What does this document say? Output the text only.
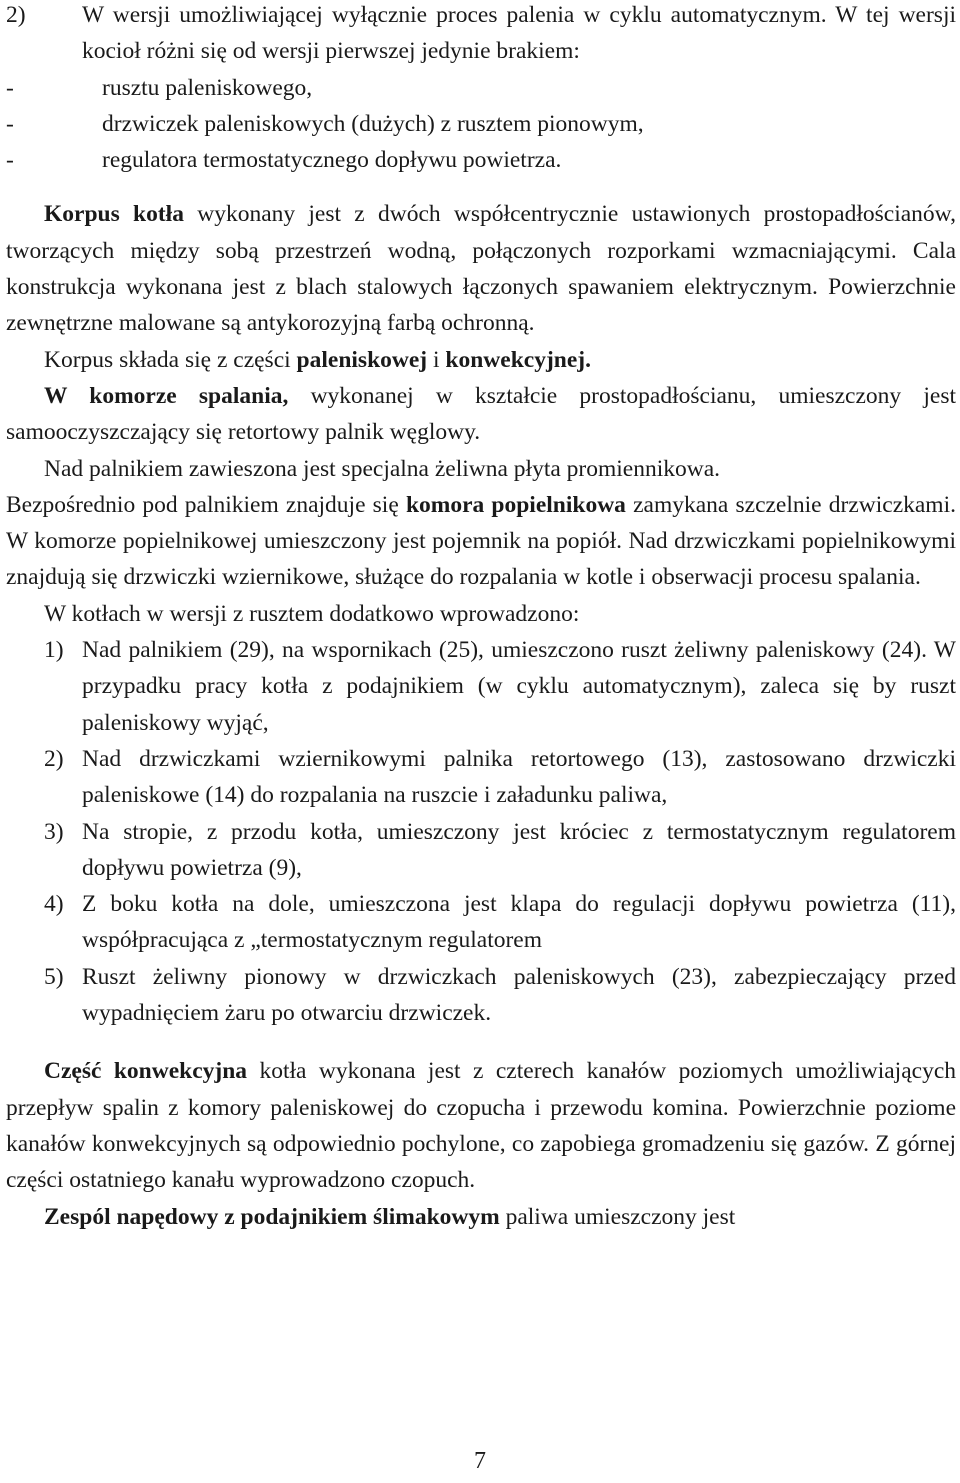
2)	W wersji umożliwiającej wyłącznie proces palenia w cyklu automatycznym. W tej wersji kocioł różni się od wersji pierwszej jedynie brakiem:
-	rusztu paleniskowego,
-	drzwiczek paleniskowych (dużych) z rusztem pionowym,
-	regulatora termostatycznego dopływu powietrza.

Korpus kotła wykonany jest z dwóch współcentrycznie ustawionych prostopadłościanów, tworzących między sobą przestrzeń wodną, połączonych rozporkami wzmacniającymi. Cala konstrukcja wykonana jest z blach stalowych łączonych spawaniem elektrycznym. Powierzchnie zewnętrzne malowane są antykorozyjną farbą ochronną.

Korpus składa się z części paleniskowej i konwekcyjnej.

W komorze spalania, wykonanej w kształcie prostopadłościanu, umieszczony jest samooczyszczający się retortowy palnik węglowy.

Nad palnikiem zawieszona jest specjalna żeliwna płyta promiennikowa.

Bezpośrednio pod palnikiem znajduje się komora popielnikowa zamykana szczelnie drzwiczkami. W komorze popielnikowej umieszczony jest pojemnik na popiół. Nad drzwiczkami popielnikowymi znajdują się drzwiczki wziernikowe, służące do rozpalania w kotle i obserwacji procesu spalania.

W kotłach w wersji z rusztem dodatkowo wprowadzono:

1) Nad palnikiem (29), na wspornikach (25), umieszczono ruszt żeliwny paleniskowy (24). W przypadku pracy kotła z podajnikiem (w cyklu automatycznym), zaleca się by ruszt paleniskowy wyjąć,
2) Nad drzwiczkami wziernikowymi palnika retortowego (13), zastosowano drzwiczki paleniskowe (14) do rozpalania na ruszcie i załadunku paliwa,
3) Na stropie, z przodu kotła, umieszczony jest króciec z termostatycznym regulatorem dopływu powietrza (9),
4) Z boku kotła na dole, umieszczona jest klapa do regulacji dopływu powietrza (11), współpracująca z „termostatycznym regulatorem
5) Ruszt żeliwny pionowy w drzwiczkach paleniskowych (23), zabezpieczający przed wypadnięciem żaru po otwarciu drzwiczek.

Część konwekcyjna kotła wykonana jest z czterech kanałów poziomych umożliwiających przepływ spalin z komory paleniskowej do czopucha i przewodu komina. Powierzchnie poziome kanałów konwekcyjnych są odpowiednio pochylone, co zapobiega gromadzeniu się gazów. Z górnej części ostatniego kanału wyprowadzono czopuch.

Zespól napędowy z podajnikiem ślimakowym paliwa umieszczony jest

7
